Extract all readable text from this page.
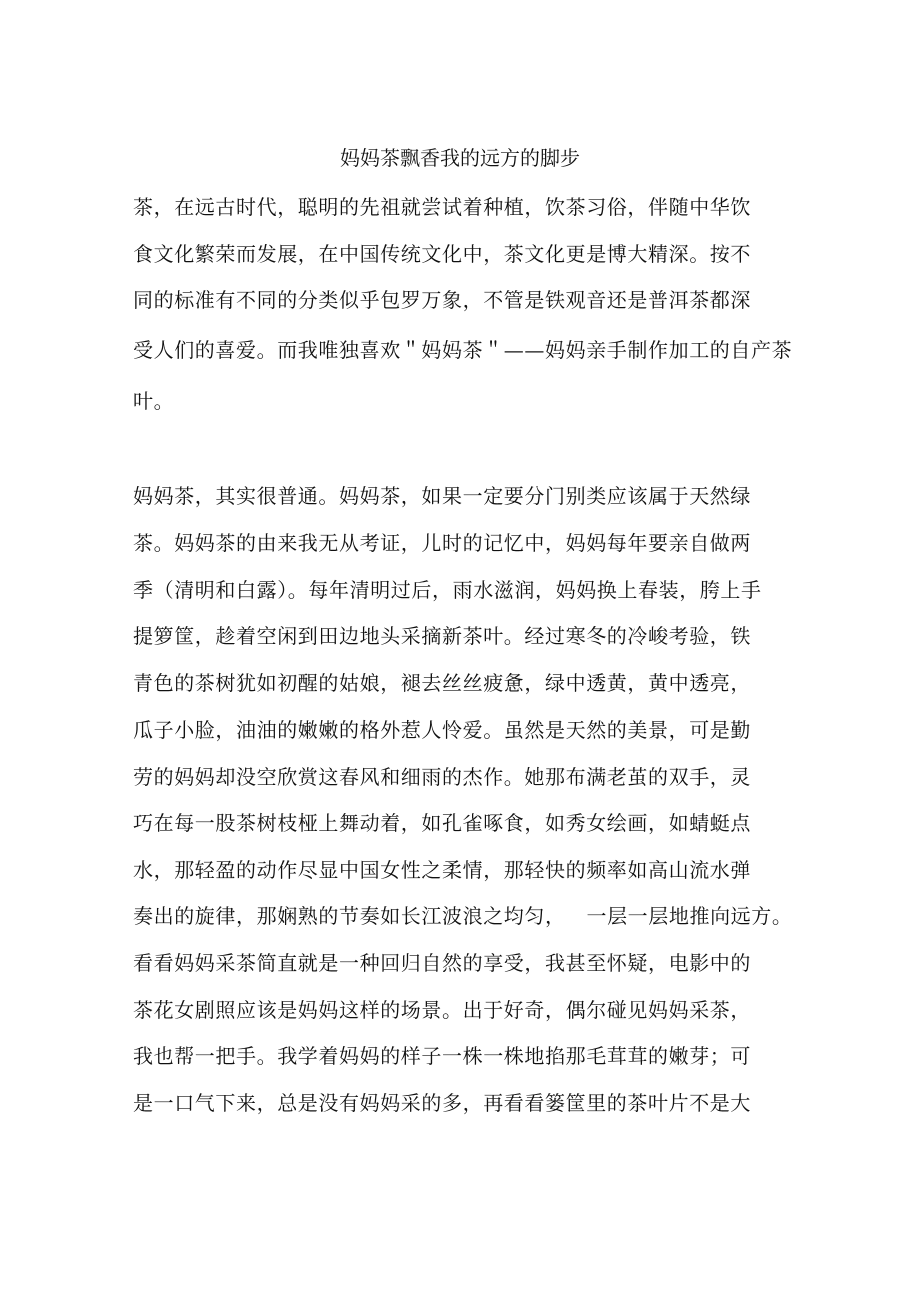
妈妈茶飘香我的远方的脚步
茶，在远古时代，聪明的先祖就尝试着种植，饮茶习俗，伴随中华饮
食文化繁荣而发展，在中国传统文化中，茶文化更是博大精深。按不
同的标准有不同的分类似乎包罗万象，不管是铁观音还是普洱茶都深
受人们的喜爱。而我唯独喜欢＂妈妈茶＂——妈妈亲手制作加工的自产茶
叶。
妈妈茶，其实很普通。妈妈茶，如果一定要分门别类应该属于天然绿
茶。妈妈茶的由来我无从考证，儿时的记忆中，妈妈每年要亲自做两
季（清明和白露）。每年清明过后，雨水滋润，妈妈换上春装，胯上手
提箩筐，趁着空闲到田边地头采摘新茶叶。经过寒冬的冷峻考验，铁
青色的茶树犹如初醒的姑娘，褪去丝丝疲惫，绿中透黄，黄中透亮，
瓜子小脸，油油的嫩嫩的格外惹人怜爱。虽然是天然的美景，可是勤
劳的妈妈却没空欣赏这春风和细雨的杰作。她那布满老茧的双手，灵
巧在每一股茶树枝桠上舞动着，如孔雀啄食，如秀女绘画，如蜻蜓点
水，那轻盈的动作尽显中国女性之柔情，那轻快的频率如高山流水弹
奏出的旋律，那娴熟的节奏如长江波浪之均匀，   一层一层地推向远方。
看看妈妈采茶简直就是一种回归自然的享受，我甚至怀疑，电影中的
茶花女剧照应该是妈妈这样的场景。出于好奇，偶尔碰见妈妈采茶，
我也帮一把手。我学着妈妈的样子一株一株地掐那毛茸茸的嫩芽；可
是一口气下来，总是没有妈妈采的多，再看看篓筐里的茶叶片不是大
